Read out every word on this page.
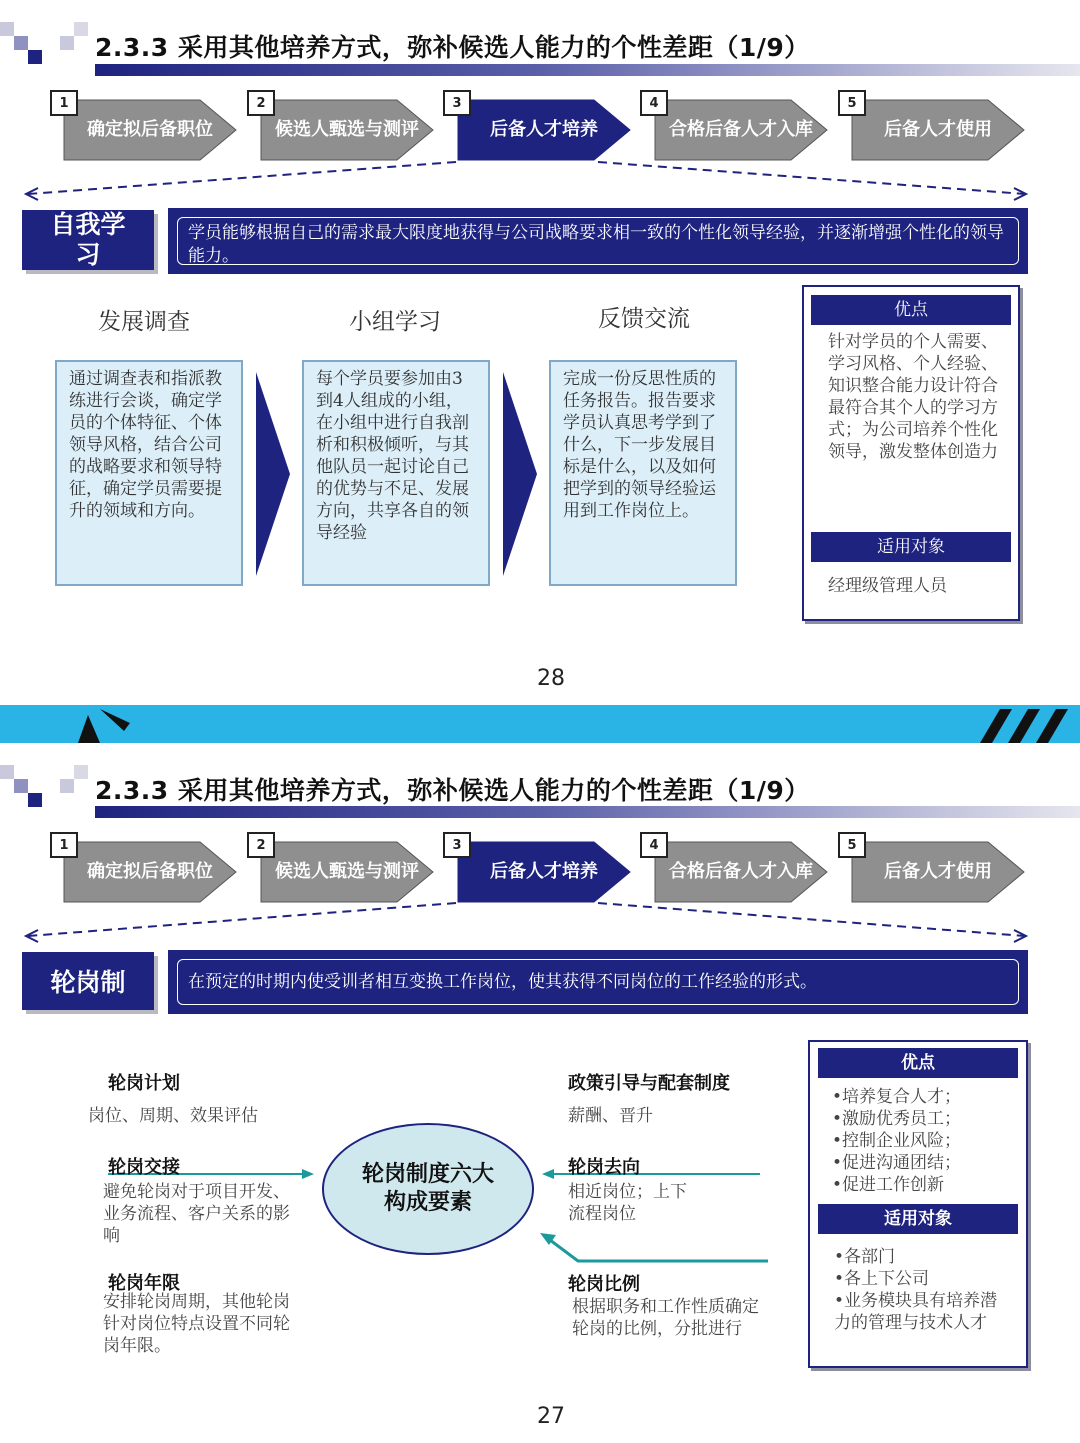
2.3.3 采用其他培养方式，弥补候选人能力的个性差距（1/9）
确定拟后备职位	候选人甄选与测评	后备人才培养	合格后备人才入库	后备人才使用
1	2	3	4	5
自我学习
学员能够根据自己的需求最大限度地获得与公司战略要求相一致的个性化领导经验，并逐渐增强个性化的领导能力。
发展调查	小组学习	反馈交流
通过调查表和指派教练进行会谈，确定学员的个体特征、个体领导风格，结合公司的战略要求和领导特征，确定学员需要提升的领域和方向。
每个学员要参加由3到4人组成的小组，在小组中进行自我剖析和积极倾听，与其他队员一起讨论自己的优势与不足、发展方向，共享各自的领导经验
完成一份反思性质的任务报告。报告要求学员认真思考学到了什么，下一步发展目标是什么，以及如何把学到的领导经验运用到工作岗位上。
优点
针对学员的个人需要、学习风格、个人经验、知识整合能力设计符合最符合其个人的学习方式；为公司培养个性化领导，激发整体创造力
适用对象
经理级管理人员
28
2.3.3 采用其他培养方式，弥补候选人能力的个性差距（1/9）
确定拟后备职位	候选人甄选与测评	后备人才培养	合格后备人才入库	后备人才使用
1	2	3	4	5
轮岗制	在预定的时期内使受训者相互变换工作岗位，使其获得不同岗位的工作经验的形式。
轮岗制度六大构成要素
轮岗计划
岗位、周期、效果评估
轮岗交接
避免轮岗对于项目开发、业务流程、客户关系的影响
轮岗年限
安排轮岗周期，其他轮岗针对岗位特点设置不同轮岗年限。
政策引导与配套制度
薪酬、晋升
轮岗去向
相近岗位；上下流程岗位
轮岗比例
根据职务和工作性质确定轮岗的比例，分批进行
优点
•培养复合人才；
•激励优秀员工；
•控制企业风险；
•促进沟通团结；
•促进工作创新
适用对象
•各部门
•各上下公司
•业务模块具有培养潜力的管理与技术人才
27
